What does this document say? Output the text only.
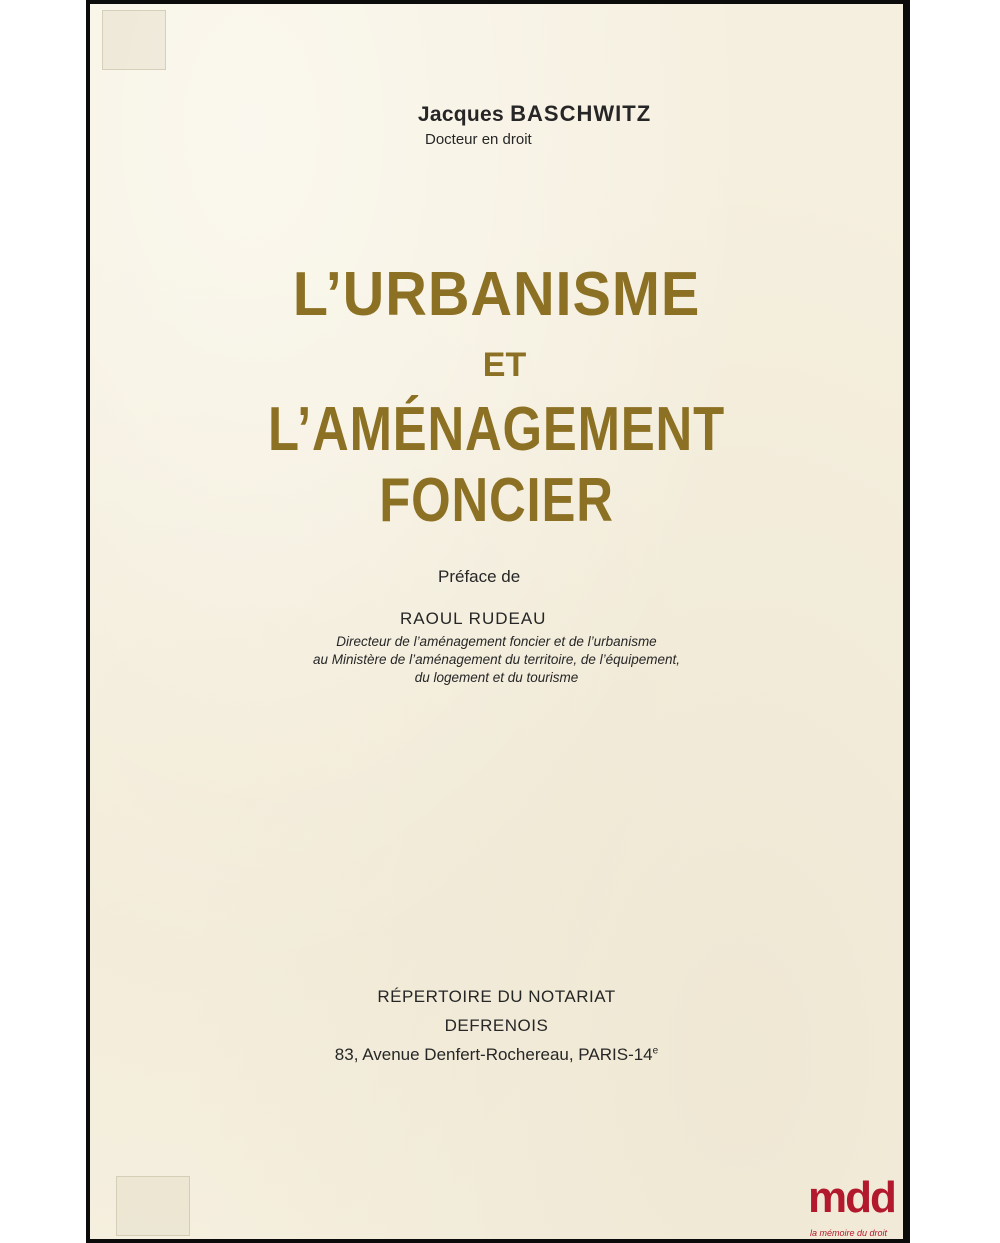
Jacques BASCHWITZ
Docteur en droit
L’URBANISME
ET
L’AMÉNAGEMENT FONCIER
Préface de
RAOUL RUDEAU
Directeur de l’aménagement foncier et de l’urbanisme
au Ministère de l’aménagement du territoire, de l’équipement,
du logement et du tourisme
RÉPERTOIRE DU NOTARIAT
DEFRENOIS
83, Avenue Denfert-Rochereau, PARIS-14e
mdd
la mémoire du droit
